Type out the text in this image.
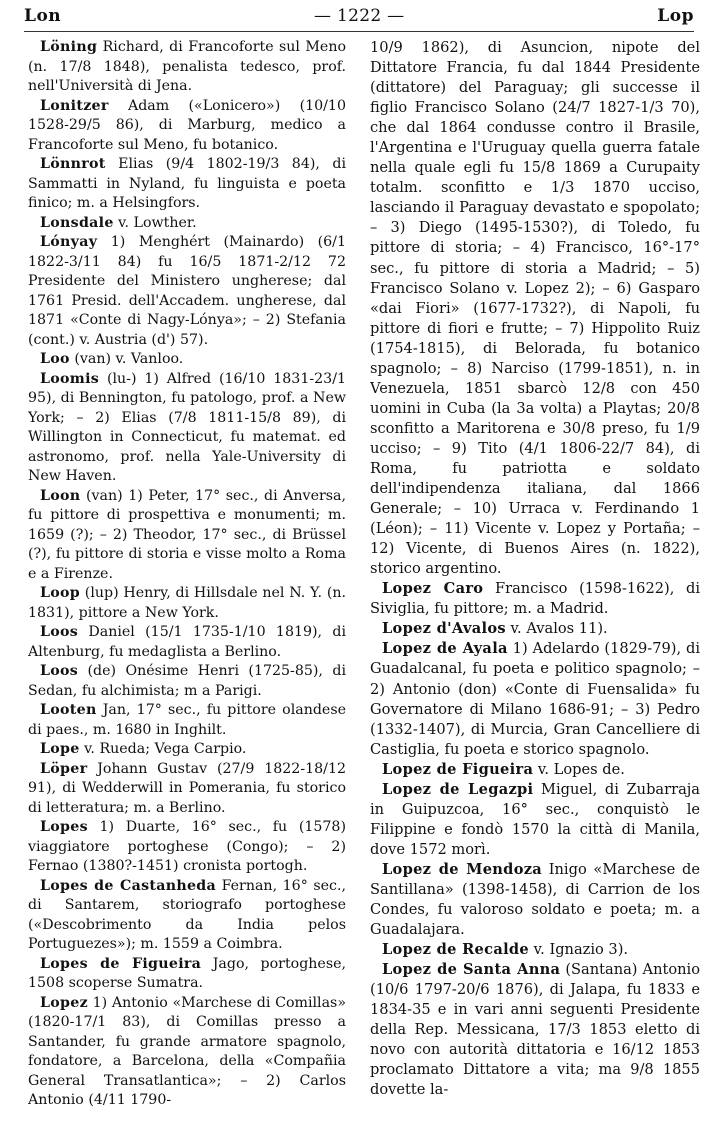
Lon	— 1222 —	Lop

Löning Richard, di Francoforte sul Meno (n. 17/8 1848), penalista tedesco, prof. nell'Università di Jena.

Lonitzer Adam («Lonicero») (10/10 1528-29/5 86), di Marburg, medico a Francoforte sul Meno, fu botanico.

Lönnrot Elias (9/4 1802-19/3 84), di Sammatti in Nyland, fu linguista e poeta finico; m. a Helsingfors.

Lonsdale v. Lowther.

Lónyay 1) Menghért (Mainardo) (6/1 1822-3/11 84) fu 16/5 1871-2/12 72 Presidente del Ministero ungherese; dal 1761 Presid. dell'Accadem. ungherese, dal 1871 «Conte di Nagy-Lónya»; – 2) Stefania (cont.) v. Austria (d') 57).

Loo (van) v. Vanloo.

Loomis (lu-) 1) Alfred (16/10 1831-23/1 95), di Bennington, fu patologo, prof. a New York; – 2) Elias (7/8 1811-15/8 89), di Willington in Connecticut, fu matemat. ed astronomo, prof. nella Yale-University di New Haven.

Loon (van) 1) Peter, 17° sec., di Anversa, fu pittore di prospettiva e monumenti; m. 1659 (?); – 2) Theodor, 17° sec., di Brüssel (?), fu pittore di storia e visse molto a Roma e a Firenze.

Loop (lup) Henry, di Hillsdale nel N. Y. (n. 1831), pittore a New York.

Loos Daniel (15/1 1735-1/10 1819), di Altenburg, fu medaglista a Berlino.

Loos (de) Onésime Henri (1725-85), di Sedan, fu alchimista; m a Parigi.

Looten Jan, 17° sec., fu pittore olandese di paes., m. 1680 in Inghilt.

Lope v. Rueda; Vega Carpio.

Löper Johann Gustav (27/9 1822-18/12 91), di Wedderwill in Pomerania, fu storico di letteratura; m. a Berlino.

Lopes 1) Duarte, 16° sec., fu (1578) viaggiatore portoghese (Congo); – 2) Fernao (1380?-1451) cronista portogh.

Lopes de Castanheda Fernan, 16° sec., di Santarem, storiografo portoghese («Descobrimento da India pelos Portuguezes»); m. 1559 a Coimbra.

Lopes de Figueira Jago, portoghese, 1508 scoperse Sumatra.

Lopez 1) Antonio «Marchese di Comillas» (1820-17/1 83), di Comillas presso a Santander, fu grande armatore spagnolo, fondatore, a Barcelona, della «Compañia General Transatlantica»; – 2) Carlos Antonio (4/11 1790-

10/9 1862), di Asuncion, nipote del Dittatore Francia, fu dal 1844 Presidente (dittatore) del Paraguay; gli successe il figlio Francisco Solano (24/7 1827-1/3 70), che dal 1864 condusse contro il Brasile, l'Argentina e l'Uruguay quella guerra fatale nella quale egli fu 15/8 1869 a Curupaity totalm. sconfitto e 1/3 1870 ucciso, lasciando il Paraguay devastato e spopolato; – 3) Diego (1495-1530?), di Toledo, fu pittore di storia; – 4) Francisco, 16°-17° sec., fu pittore di storia a Madrid; – 5) Francisco Solano v. Lopez 2); – 6) Gasparo «dai Fiori» (1677-1732?), di Napoli, fu pittore di fiori e frutte; – 7) Hippolito Ruiz (1754-1815), di Belorada, fu botanico spagnolo; – 8) Narciso (1799-1851), n. in Venezuela, 1851 sbarcò 12/8 con 450 uomini in Cuba (la 3a volta) a Playtas; 20/8 sconfitto a Maritorena e 30/8 preso, fu 1/9 ucciso; – 9) Tito (4/1 1806-22/7 84), di Roma, fu patriotta e soldato dell'indipendenza italiana, dal 1866 Generale; – 10) Urraca v. Ferdinando 1 (Léon); – 11) Vicente v. Lopez y Portaña; – 12) Vicente, di Buenos Aires (n. 1822), storico argentino.

Lopez Caro Francisco (1598-1622), di Siviglia, fu pittore; m. a Madrid.

Lopez d'Avalos v. Avalos 11).

Lopez de Ayala 1) Adelardo (1829-79), di Guadalcanal, fu poeta e politico spagnolo; – 2) Antonio (don) «Conte di Fuensalida» fu Governatore di Milano 1686-91; – 3) Pedro (1332-1407), di Murcia, Gran Cancelliere di Castiglia, fu poeta e storico spagnolo.

Lopez de Figueira v. Lopes de.

Lopez de Legazpi Miguel, di Zubarraja in Guipuzcoa, 16° sec., conquistò le Filippine e fondò 1570 la città di Manila, dove 1572 morì.

Lopez de Mendoza Inigo «Marchese de Santillana» (1398-1458), di Carrion de los Condes, fu valoroso soldato e poeta; m. a Guadalajara.

Lopez de Recalde v. Ignazio 3).

Lopez de Santa Anna (Santana) Antonio (10/6 1797-20/6 1876), di Jalapa, fu 1833 e 1834-35 e in vari anni seguenti Presidente della Rep. Messicana, 17/3 1853 eletto di novo con autorità dittatoria e 16/12 1853 proclamato Dittatore a vita; ma 9/8 1855 dovette la-
